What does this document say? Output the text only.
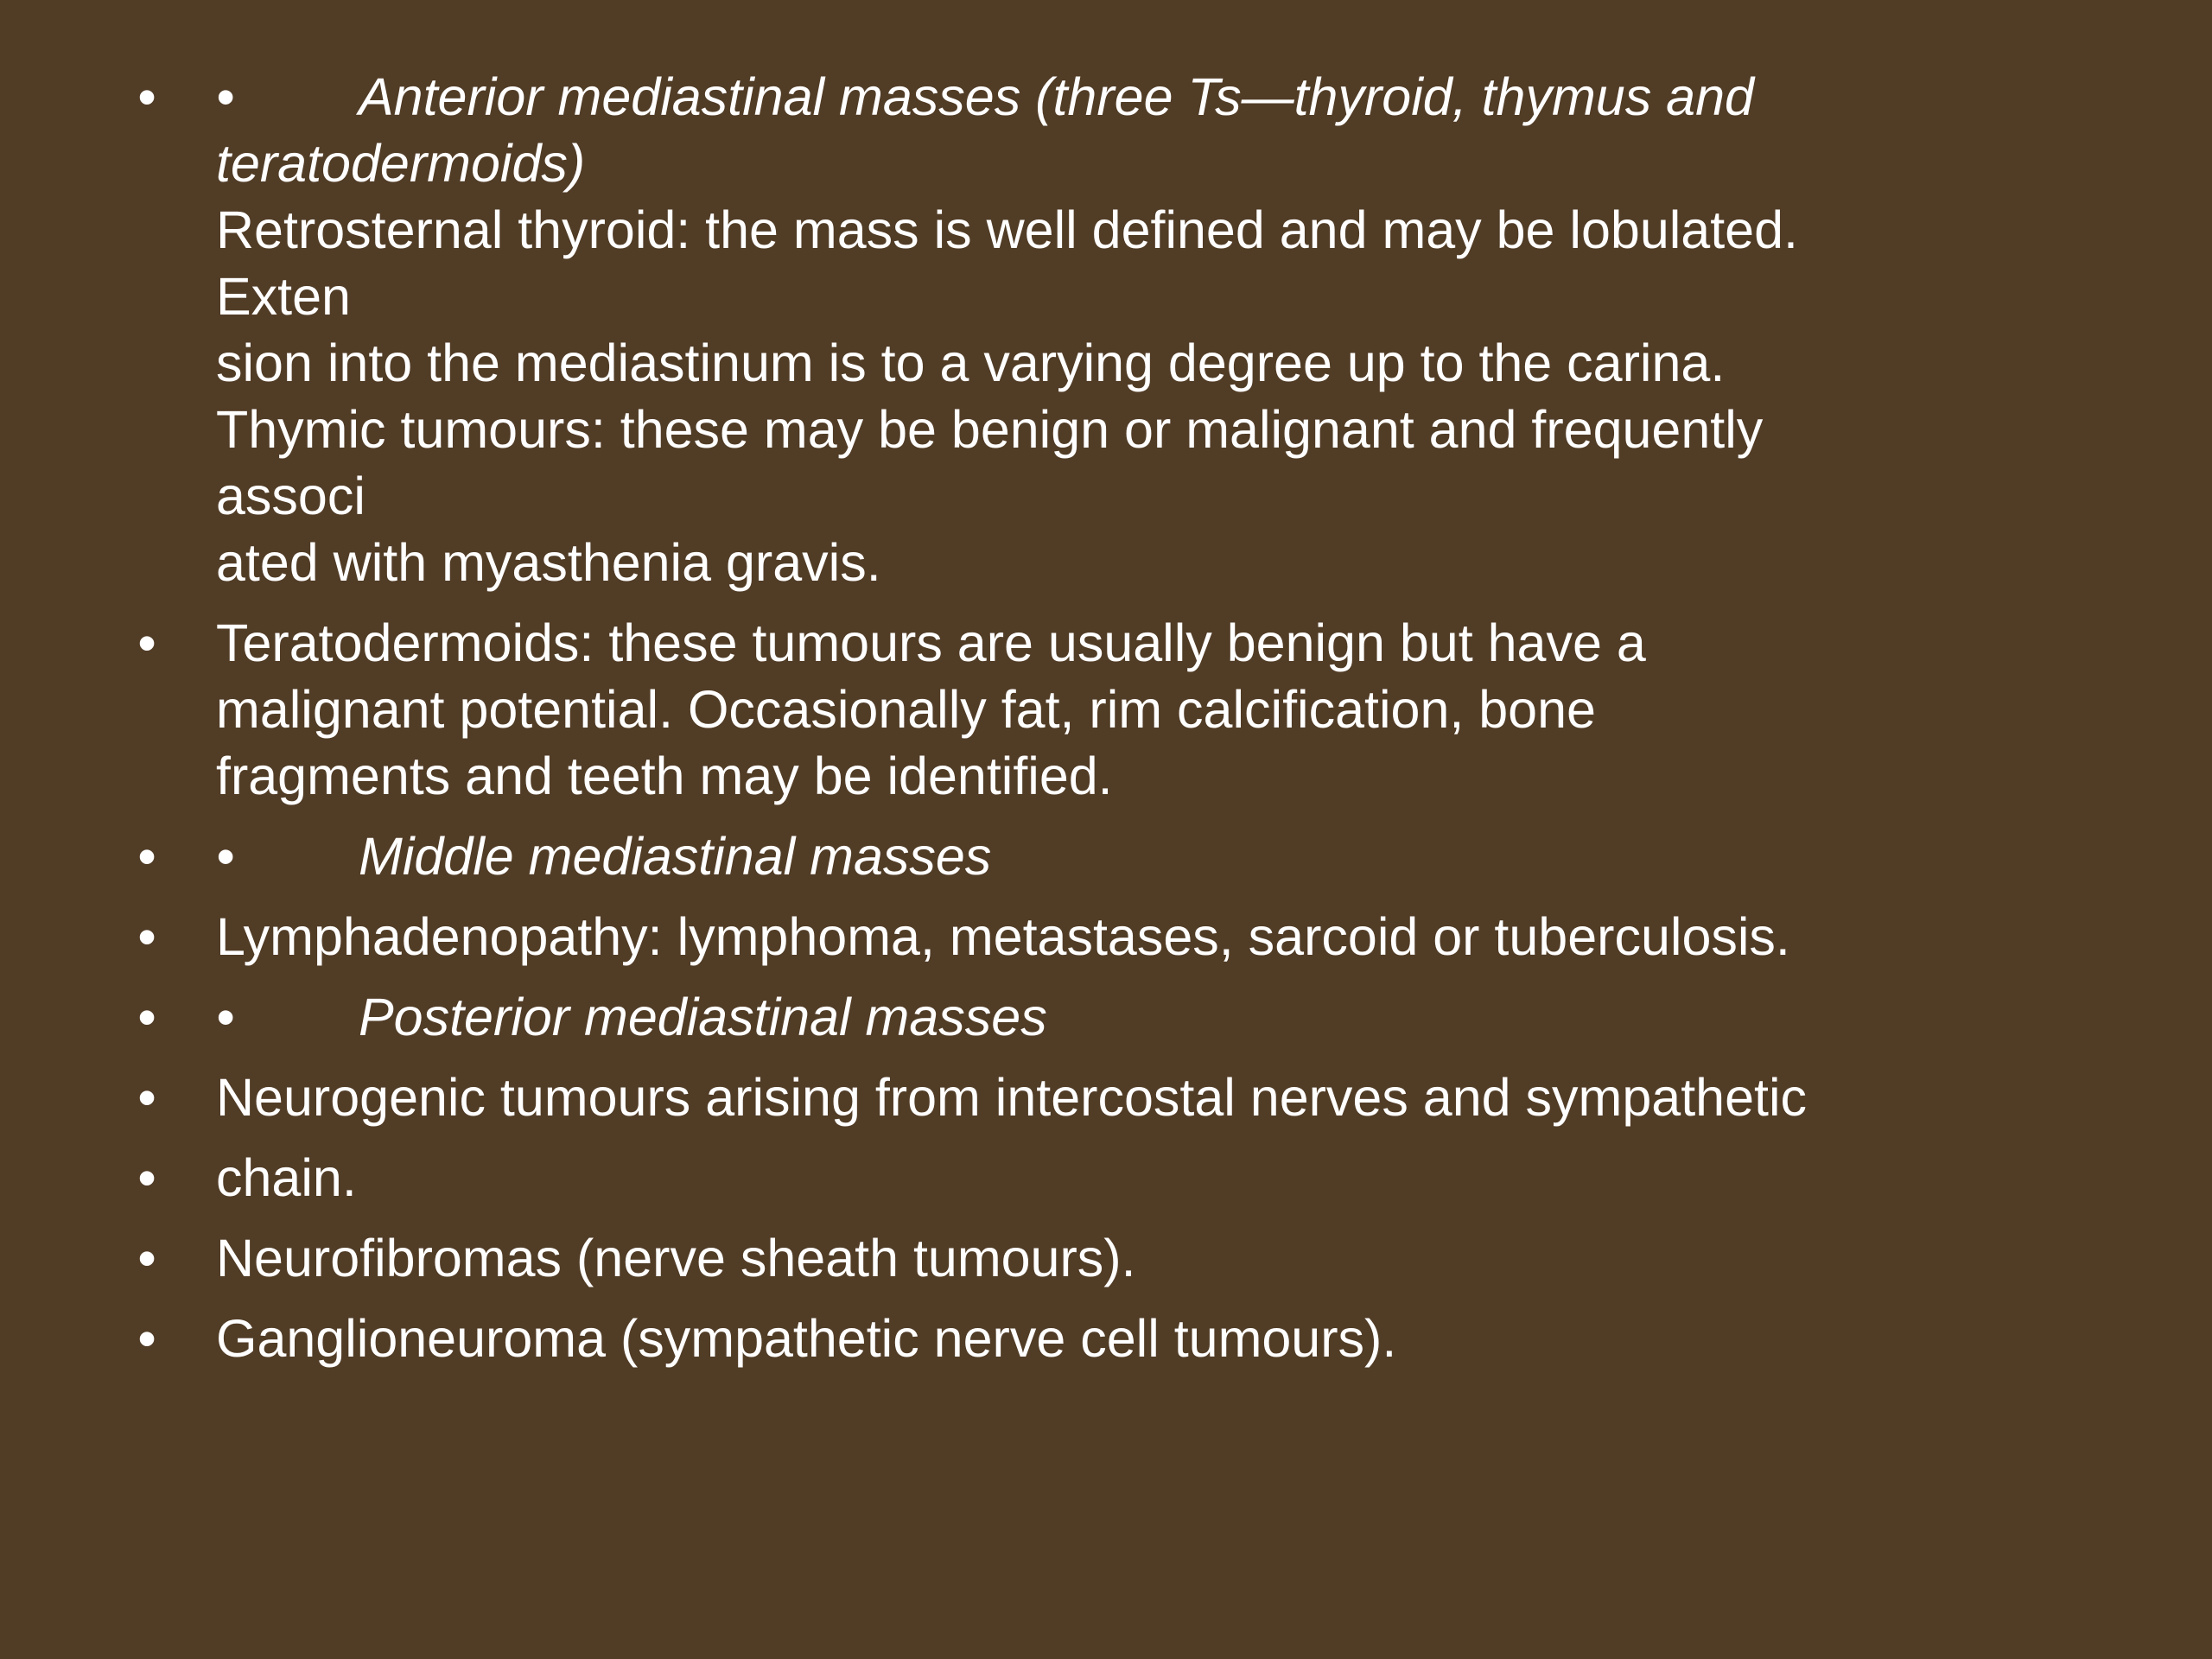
• • Anterior mediastinal masses (three Ts—thyroid, thymus and
teratodermoids)
Retrosternal thyroid: the mass is well defined and may be lobulated.
Exten
sion into the mediastinum is to a varying degree up to the carina.
Thymic tumours: these may be benign or malignant and frequently
associ
ated with myasthenia gravis.
• Teratodermoids: these tumours are usually benign but have a
malignant potential. Occasionally fat, rim calcification, bone
fragments and teeth may be identified.
• • Middle mediastinal masses
• Lymphadenopathy: lymphoma, metastases, sarcoid or tuberculosis.
• • Posterior mediastinal masses
• Neurogenic tumours arising from intercostal nerves and sympathetic
• chain.
• Neurofibromas (nerve sheath tumours).
• Ganglioneuroma (sympathetic nerve cell tumours).
